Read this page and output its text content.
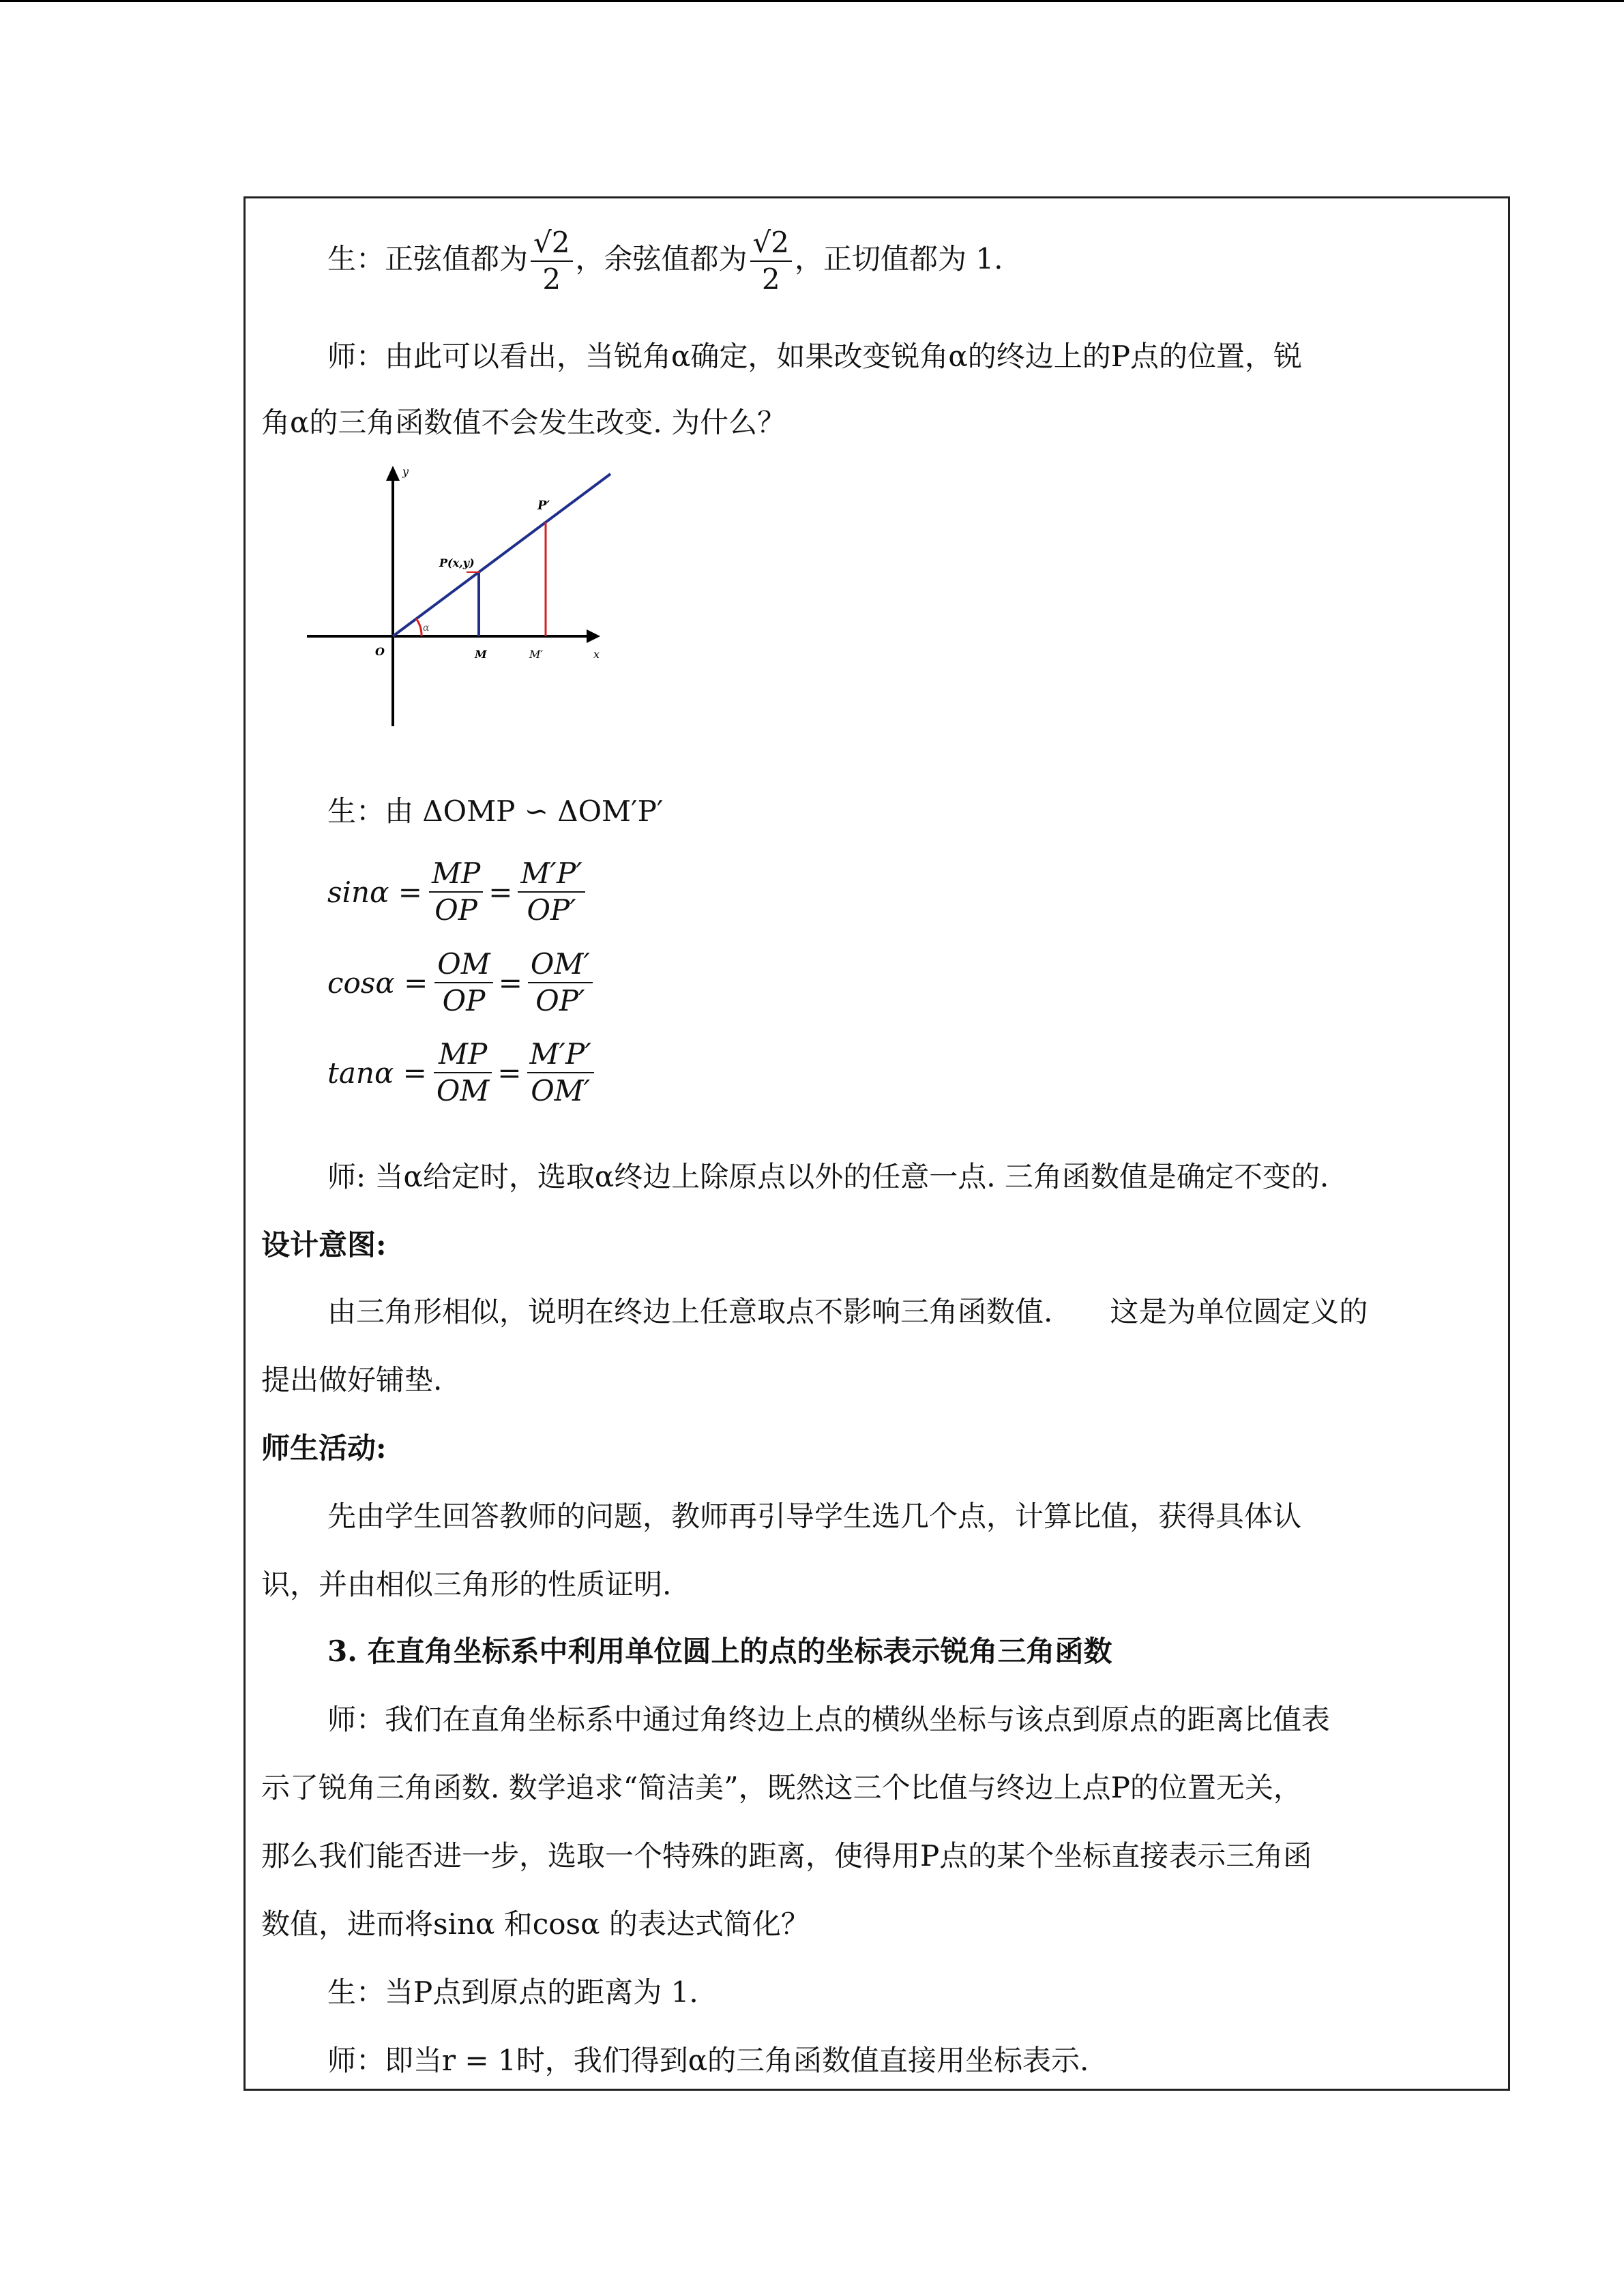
生：正弦值都为 $\frac{√2}{2}$ ，余弦值都为 $\frac{√2}{2}$ ，正切值都为 1.
师：由此可以看出，当锐角α确定，如果改变锐角α的终边上的P点的位置，锐
角α的三角函数值不会发生改变. 为什么？
y
x
α
O	M	M′
P(x,y)
P′
生：由 ΔOMP ∽ ΔOM′P′
$\sin\alpha = \frac{MP}{OP} = \frac{M'P'}{OP'}$
$\cos\alpha = \frac{OM}{OP} = \frac{OM'}{OP'}$
$\tan\alpha = \frac{MP}{OM} = \frac{M'P'}{OM'}$
师: 当α给定时，选取α终边上除原点以外的任意一点. 三角函数值是确定不变的.
设计意图:
由三角形相似，说明在终边上任意取点不影响三角函数值.　　这是为单位圆定义的
提出做好铺垫.
师生活动:
先由学生回答教师的问题，教师再引导学生选几个点，计算比值，获得具体认
识，并由相似三角形的性质证明.
3. 在直角坐标系中利用单位圆上的点的坐标表示锐角三角函数
师：我们在直角坐标系中通过角终边上点的横纵坐标与该点到原点的距离比值表
示了锐角三角函数. 数学追求“简洁美”，既然这三个比值与终边上点P的位置无关，
那么我们能否进一步，选取一个特殊的距离，使得用P点的某个坐标直接表示三角函
数值，进而将sinα 和cosα 的表达式简化？
生：当P点到原点的距离为 1.
师：即当r = 1时，我们得到α的三角函数值直接用坐标表示.
